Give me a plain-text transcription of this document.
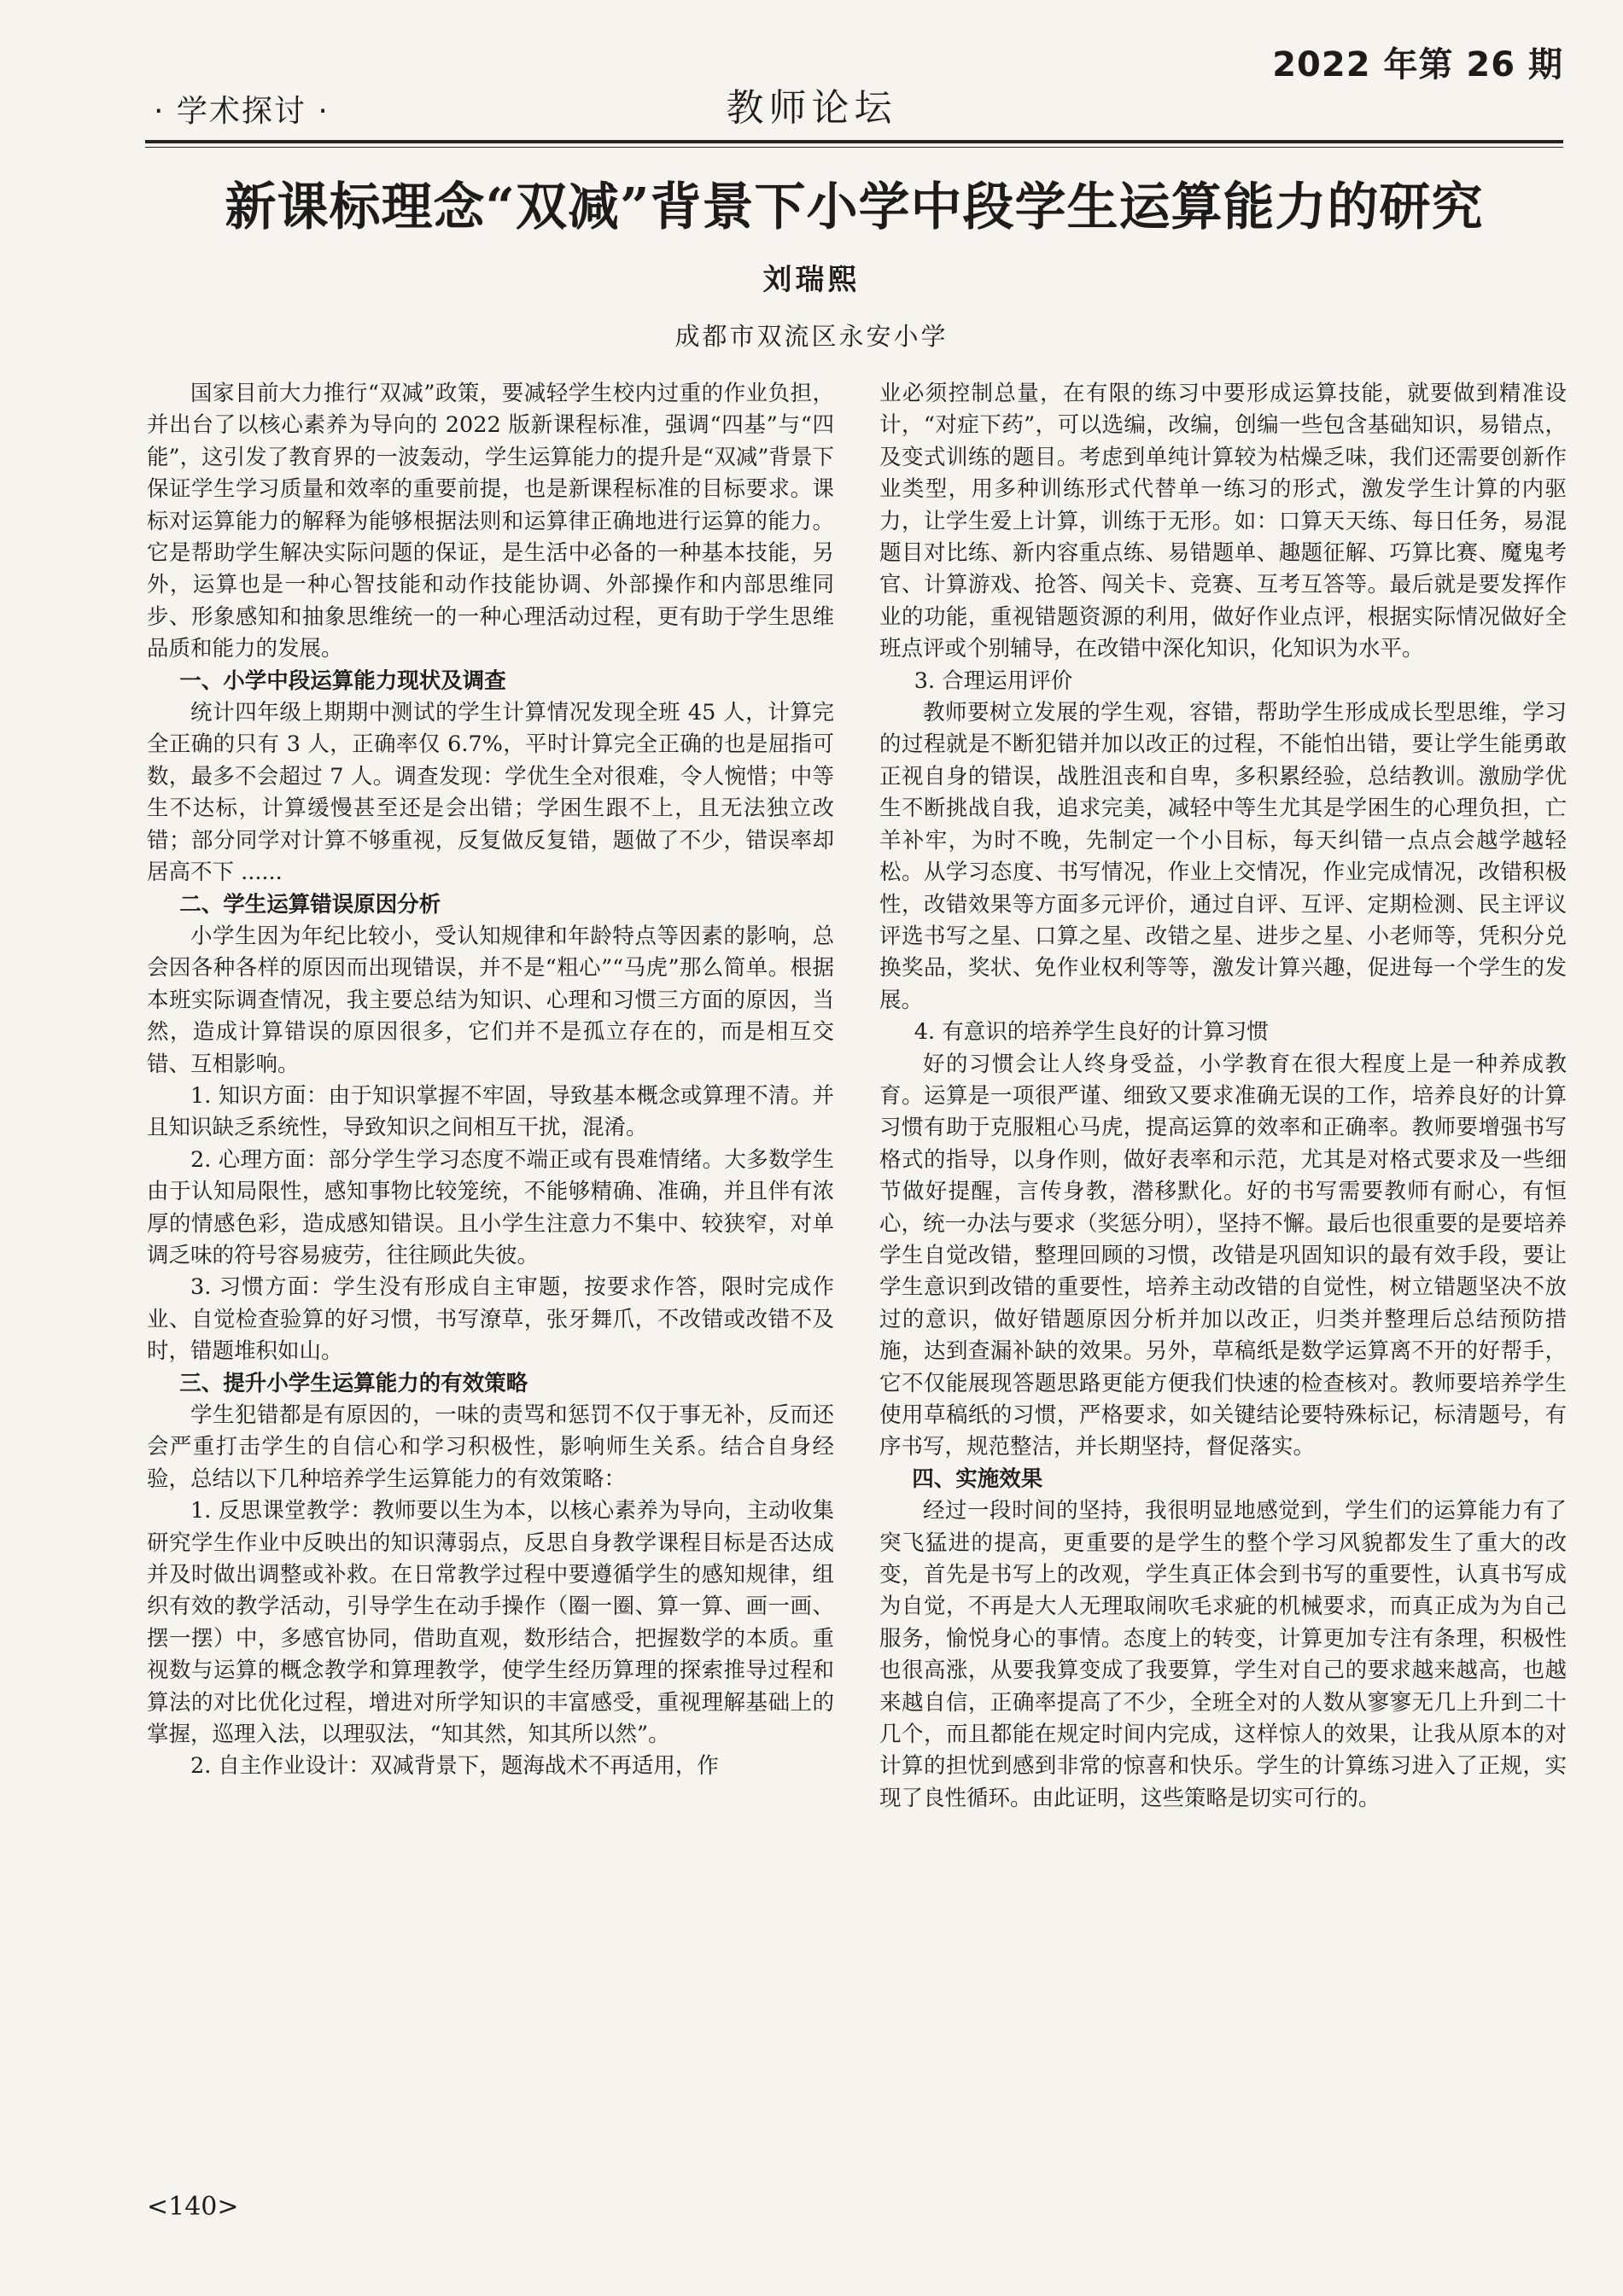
2022 年第 26 期
· 学术探讨 ·	教师论坛
新课标理念“双减”背景下小学中段学生运算能力的研究
刘瑞熙
成都市双流区永安小学

国家目前大力推行“双减”政策，要减轻学生校内过重的作业负担，并出台了以核心素养为导向的 2022 版新课程标准，强调“四基”与“四能”，这引发了教育界的一波轰动，学生运算能力的提升是“双减”背景下保证学生学习质量和效率的重要前提，也是新课程标准的目标要求。课标对运算能力的解释为能够根据法则和运算律正确地进行运算的能力。它是帮助学生解决实际问题的保证，是生活中必备的一种基本技能，另外，运算也是一种心智技能和动作技能协调、外部操作和内部思维同步、形象感知和抽象思维统一的一种心理活动过程，更有助于学生思维品质和能力的发展。

一、小学中段运算能力现状及调查

统计四年级上期期中测试的学生计算情况发现全班 45 人，计算完全正确的只有 3 人，正确率仅 6.7%，平时计算完全正确的也是屈指可数，最多不会超过 7 人。调查发现：学优生全对很难，令人惋惜；中等生不达标，计算缓慢甚至还是会出错；学困生跟不上，且无法独立改错；部分同学对计算不够重视，反复做反复错，题做了不少，错误率却居高不下 ......

二、学生运算错误原因分析

小学生因为年纪比较小，受认知规律和年龄特点等因素的影响，总会因各种各样的原因而出现错误，并不是“粗心”“马虎”那么简单。根据本班实际调查情况，我主要总结为知识、心理和习惯三方面的原因，当然，造成计算错误的原因很多，它们并不是孤立存在的，而是相互交错、互相影响。

1. 知识方面：由于知识掌握不牢固，导致基本概念或算理不清。并且知识缺乏系统性，导致知识之间相互干扰，混淆。

2. 心理方面：部分学生学习态度不端正或有畏难情绪。大多数学生由于认知局限性，感知事物比较笼统，不能够精确、准确，并且伴有浓厚的情感色彩，造成感知错误。且小学生注意力不集中、较狭窄，对单调乏味的符号容易疲劳，往往顾此失彼。

3. 习惯方面：学生没有形成自主审题，按要求作答，限时完成作业、自觉检查验算的好习惯，书写潦草，张牙舞爪，不改错或改错不及时，错题堆积如山。

三、提升小学生运算能力的有效策略

学生犯错都是有原因的，一味的责骂和惩罚不仅于事无补，反而还会严重打击学生的自信心和学习积极性，影响师生关系。结合自身经验，总结以下几种培养学生运算能力的有效策略：

1. 反思课堂教学：教师要以生为本，以核心素养为导向，主动收集研究学生作业中反映出的知识薄弱点，反思自身教学课程目标是否达成并及时做出调整或补救。在日常教学过程中要遵循学生的感知规律，组织有效的教学活动，引导学生在动手操作（圈一圈、算一算、画一画、摆一摆）中，多感官协同，借助直观，数形结合，把握数学的本质。重视数与运算的概念教学和算理教学，使学生经历算理的探索推导过程和算法的对比优化过程，增进对所学知识的丰富感受，重视理解基础上的掌握，巡理入法，以理驭法，“知其然，知其所以然”。

2. 自主作业设计：双减背景下，题海战术不再适用，作

业必须控制总量，在有限的练习中要形成运算技能，就要做到精准设计，“对症下药”，可以选编，改编，创编一些包含基础知识，易错点，及变式训练的题目。考虑到单纯计算较为枯燥乏味，我们还需要创新作业类型，用多种训练形式代替单一练习的形式，激发学生计算的内驱力，让学生爱上计算，训练于无形。如：口算天天练、每日任务，易混题目对比练、新内容重点练、易错题单、趣题征解、巧算比赛、魔鬼考官、计算游戏、抢答、闯关卡、竞赛、互考互答等。最后就是要发挥作业的功能，重视错题资源的利用，做好作业点评，根据实际情况做好全班点评或个别辅导，在改错中深化知识，化知识为水平。

3. 合理运用评价

教师要树立发展的学生观，容错，帮助学生形成成长型思维，学习的过程就是不断犯错并加以改正的过程，不能怕出错，要让学生能勇敢正视自身的错误，战胜沮丧和自卑，多积累经验，总结教训。激励学优生不断挑战自我，追求完美，减轻中等生尤其是学困生的心理负担，亡羊补牢，为时不晚，先制定一个小目标，每天纠错一点点会越学越轻松。从学习态度、书写情况，作业上交情况，作业完成情况，改错积极性，改错效果等方面多元评价，通过自评、互评、定期检测、民主评议评选书写之星、口算之星、改错之星、进步之星、小老师等，凭积分兑换奖品，奖状、免作业权利等等，激发计算兴趣，促进每一个学生的发展。

4. 有意识的培养学生良好的计算习惯

好的习惯会让人终身受益，小学教育在很大程度上是一种养成教育。运算是一项很严谨、细致又要求准确无误的工作，培养良好的计算习惯有助于克服粗心马虎，提高运算的效率和正确率。教师要增强书写格式的指导，以身作则，做好表率和示范，尤其是对格式要求及一些细节做好提醒，言传身教，潜移默化。好的书写需要教师有耐心，有恒心，统一办法与要求（奖惩分明），坚持不懈。最后也很重要的是要培养学生自觉改错，整理回顾的习惯，改错是巩固知识的最有效手段，要让学生意识到改错的重要性，培养主动改错的自觉性，树立错题坚决不放过的意识，做好错题原因分析并加以改正，归类并整理后总结预防措施，达到查漏补缺的效果。另外，草稿纸是数学运算离不开的好帮手，它不仅能展现答题思路更能方便我们快速的检查核对。教师要培养学生使用草稿纸的习惯，严格要求，如关键结论要特殊标记，标清题号，有序书写，规范整洁，并长期坚持，督促落实。

四、实施效果

经过一段时间的坚持，我很明显地感觉到，学生们的运算能力有了突飞猛进的提高，更重要的是学生的整个学习风貌都发生了重大的改变，首先是书写上的改观，学生真正体会到书写的重要性，认真书写成为自觉，不再是大人无理取闹吹毛求疵的机械要求，而真正成为为自己服务，愉悦身心的事情。态度上的转变，计算更加专注有条理，积极性也很高涨，从要我算变成了我要算，学生对自己的要求越来越高，也越来越自信，正确率提高了不少，全班全对的人数从寥寥无几上升到二十几个，而且都能在规定时间内完成，这样惊人的效果，让我从原本的对计算的担忧到感到非常的惊喜和快乐。学生的计算练习进入了正规，实现了良性循环。由此证明，这些策略是切实可行的。

<140>
